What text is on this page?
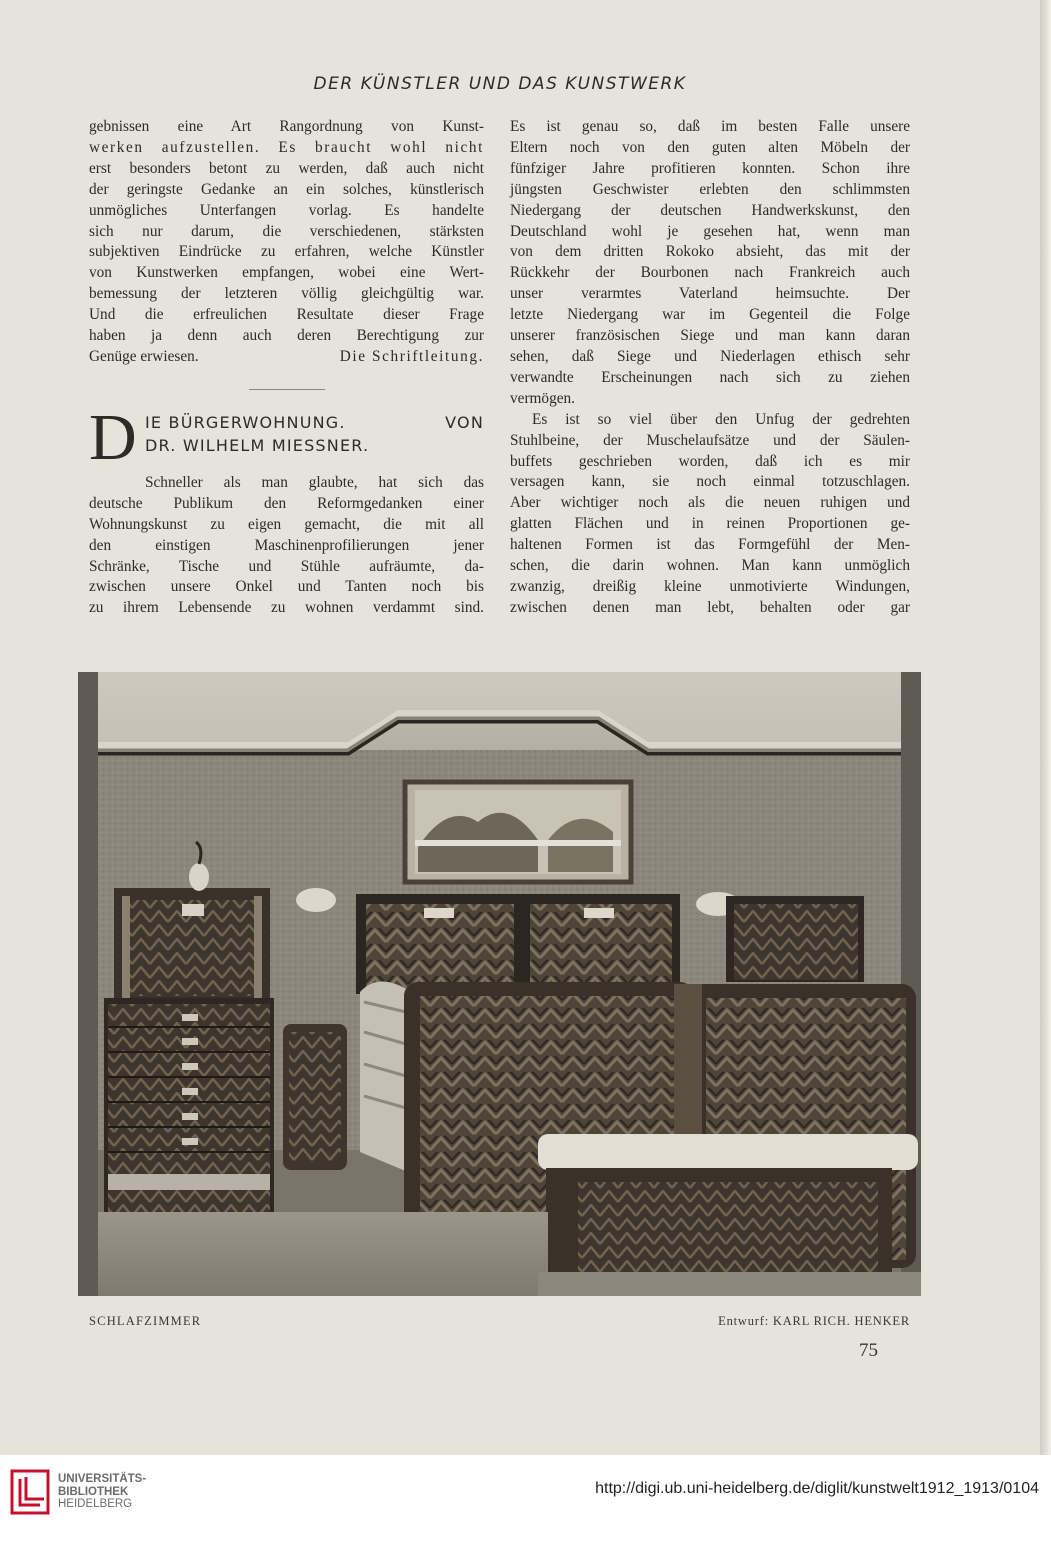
DER KÜNSTLER UND DAS KUNSTWERK

gebnissen eine Art Rangordnung von Kunst-
werken aufzustellen. Es braucht wohl nicht
erst besonders betont zu werden, daß auch nicht
der geringste Gedanke an ein solches, künstlerisch
unmögliches Unterfangen vorlag. Es handelte
sich nur darum, die verschiedenen, stärksten
subjektiven Eindrücke zu erfahren, welche Künstler
von Kunstwerken empfangen, wobei eine Wert-
bemessung der letzteren völlig gleichgültig war.
Und die erfreulichen Resultate dieser Frage
haben ja denn auch deren Berechtigung zur
Genüge erwiesen.	Die Schriftleitung.

D IE BÜRGERWOHNUNG.	VON
DR. WILHELM MIESSNER.

Schneller als man glaubte, hat sich das
deutsche Publikum den Reformgedanken einer
Wohnungskunst zu eigen gemacht, die mit all
den einstigen Maschinenprofilierungen jener
Schränke, Tische und Stühle aufräumte, da-
zwischen unsere Onkel und Tanten noch bis
zu ihrem Lebensende zu wohnen verdammt sind.

Es ist genau so, daß im besten Falle unsere
Eltern noch von den guten alten Möbeln der
fünfziger Jahre profitieren konnten. Schon ihre
jüngsten Geschwister erlebten den schlimmsten
Niedergang der deutschen Handwerkskunst, den
Deutschland wohl je gesehen hat, wenn man
von dem dritten Rokoko absieht, das mit der
Rückkehr der Bourbonen nach Frankreich auch
unser verarmtes Vaterland heimsuchte. Der
letzte Niedergang war im Gegenteil die Folge
unserer französischen Siege und man kann daran
sehen, daß Siege und Niederlagen ethisch sehr
verwandte Erscheinungen nach sich zu ziehen
vermögen.

Es ist so viel über den Unfug der gedrehten
Stuhlbeine, der Muschelaufsätze und der Säulen-
buffets geschrieben worden, daß ich es mir
versagen kann, sie noch einmal totzuschlagen.
Aber wichtiger noch als die neuen ruhigen und
glatten Flächen und in reinen Proportionen ge-
haltenen Formen ist das Formgefühl der Men-
schen, die darin wohnen. Man kann unmöglich
zwanzig, dreißig kleine unmotivierte Windungen,
zwischen denen man lebt, behalten oder gar

SCHLAFZIMMER	Entwurf: KARL RICH. HENKER
75
UNIVERSITÄTS-
BIBLIOTHEK
HEIDELBERG
http://digi.ub.uni-heidelberg.de/diglit/kunstwelt1912_1913/0104
